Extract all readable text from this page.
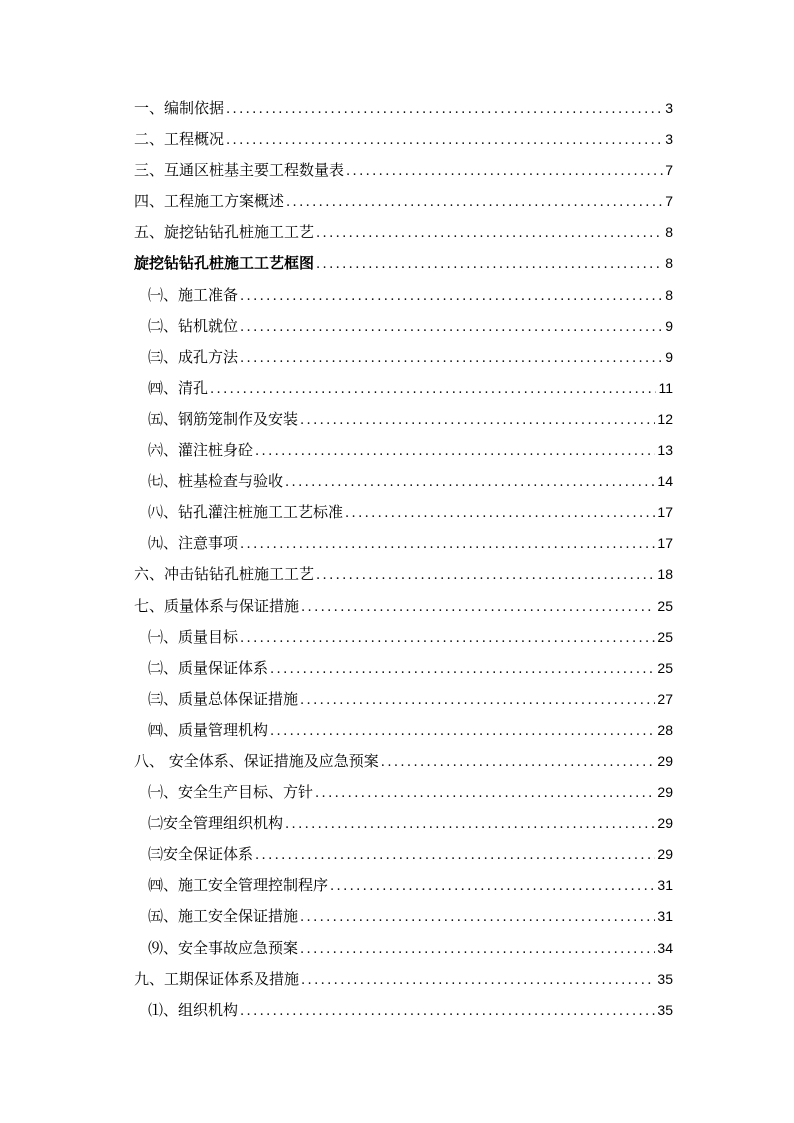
一、编制依据 .....	3
二、工程概况 .....	3
三、互通区桩基主要工程数量表 .....	7
四、工程施工方案概述 .....	7
五、旋挖钻钻孔桩施工工艺 .....	8
旋挖钻钻孔桩施工工艺框图 .....	8
㈠、施工准备 .....	8
㈡、钻机就位 .....	9
㈢、成孔方法 .....	9
㈣、清孔 .....	11
㈤、钢筋笼制作及安装 .....	12
㈥、灌注桩身砼 .....	13
㈦、桩基检查与验收 .....	14
㈧、钻孔灌注桩施工工艺标准 .....	17
㈨、注意事项 .....	17
六、冲击钻钻孔桩施工工艺 .....	18
七、质量体系与保证措施 .....	25
㈠、质量目标 .....	25
㈡、质量保证体系 .....	25
㈢、质量总体保证措施 .....	27
㈣、质量管理机构 .....	28
八、 安全体系、保证措施及应急预案 .....	29
㈠、安全生产目标、方针 .....	29
㈡安全管理组织机构 .....	29
㈢安全保证体系 .....	29
㈣、施工安全管理控制程序 .....	31
㈤、施工安全保证措施 .....	31
⑼、安全事故应急预案 .....	34
九、工期保证体系及措施 .....	35
⑴、组织机构 .....	35
